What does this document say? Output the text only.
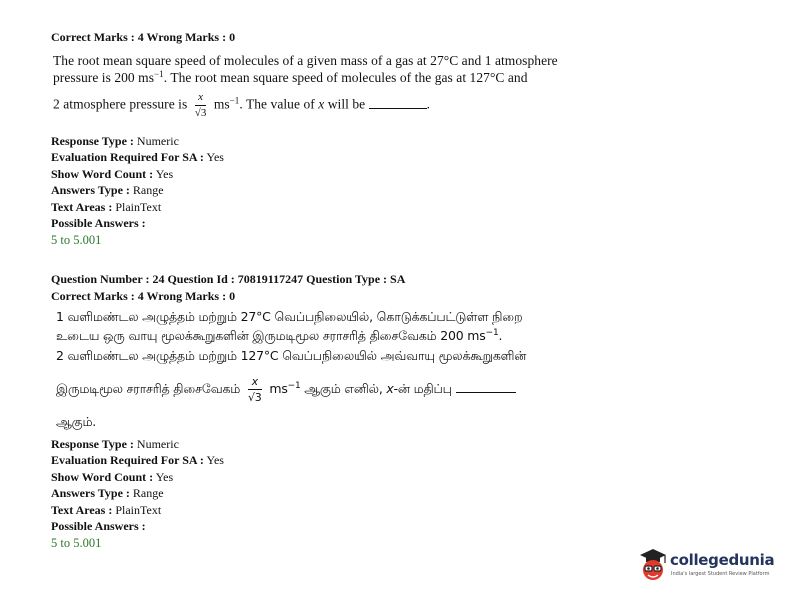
Correct Marks : 4 Wrong Marks : 0
The root mean square speed of molecules of a given mass of a gas at 27°C and 1 atmosphere
pressure is 200 $ms^{-1}$. The root mean square speed of molecules of the gas at 127°C and
2 atmosphere pressure is $\frac{x}{√3} ms^{-1}$. The value of x will be	.
Response Type : Numeric
Evaluation Required For SA : Yes
Show Word Count : Yes
Answers Type : Range
Text Areas : PlainText
Possible Answers :
5 to 5.001
Question Number : 24 Question Id : 70819117247 Question Type : SA
Correct Marks : 4 Wrong Marks : 0
1 வளிமண்டல அழுத்தம் மற்றும் 27°C வெப்பநிலையில், கொடுக்கப்பட்டுள்ள நிறை
உடைய ஒரு வாயு மூலக்கூறுகளின் இருமடிமூல சராசரித் திசைவேகம் 200 $ms^{-1}$.
2 வளிமண்டல அழுத்தம் மற்றும் 127°C வெப்பநிலையில் அவ்வாயு மூலக்கூறுகளின்
இருமடிமூல சராசரித் திசைவேகம் $\frac{x}{√3} ms^{-1}$ ஆகும் எனில், x-ன் மதிப்பு
ஆகும்.
Response Type : Numeric
Evaluation Required For SA : Yes
Show Word Count : Yes
Answers Type : Range
Text Areas : PlainText
Possible Answers :
5 to 5.001
collegedunia
India's largest Student Review Platform
